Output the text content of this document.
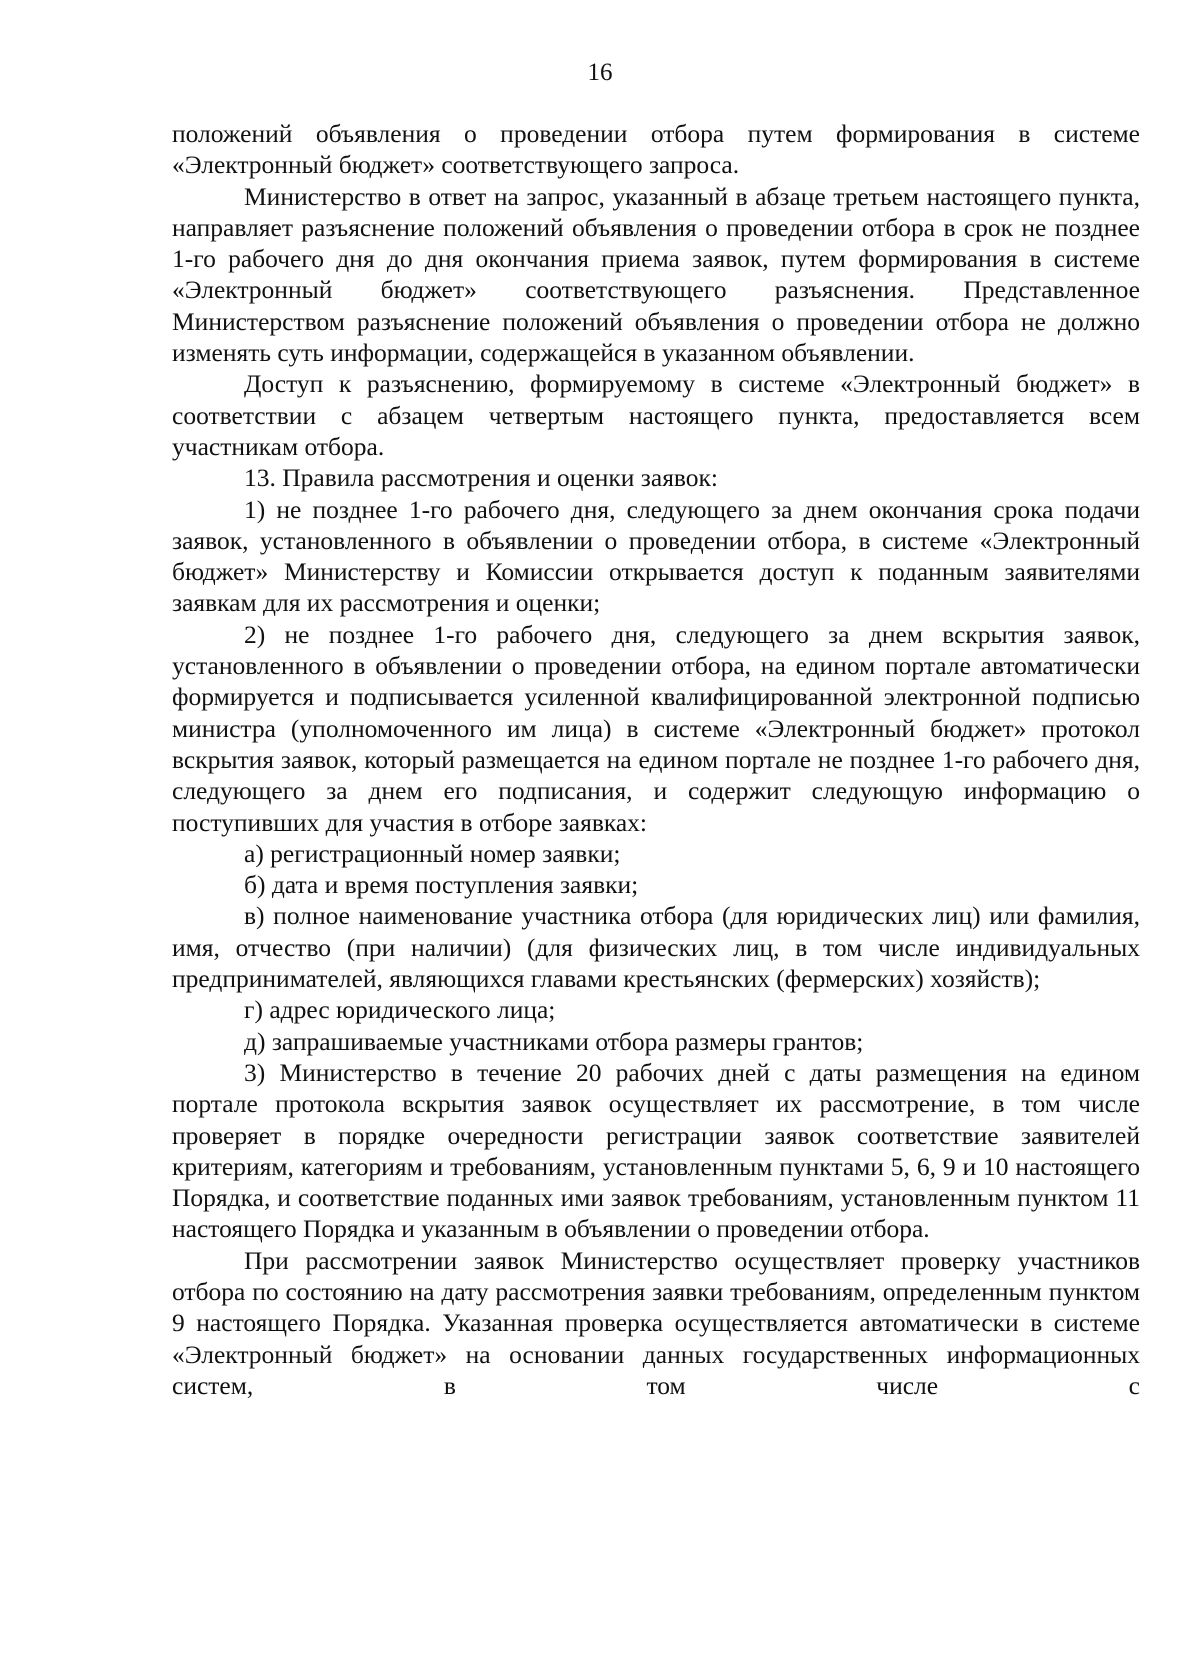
16

положений объявления о проведении отбора путем формирования в системе «Электронный бюджет» соответствующего запроса.

Министерство в ответ на запрос, указанный в абзаце третьем настоящего пункта, направляет разъяснение положений объявления о проведении отбора в срок не позднее 1-го рабочего дня до дня окончания приема заявок, путем формирования в системе «Электронный бюджет» соответствующего разъяснения. Представленное Министерством разъяснение положений объявления о проведении отбора не должно изменять суть информации, содержащейся в указанном объявлении.

Доступ к разъяснению, формируемому в системе «Электронный бюджет» в соответствии с абзацем четвертым настоящего пункта, предоставляется всем участникам отбора.

13. Правила рассмотрения и оценки заявок:

1) не позднее 1-го рабочего дня, следующего за днем окончания срока подачи заявок, установленного в объявлении о проведении отбора, в системе «Электронный бюджет» Министерству и Комиссии открывается доступ к поданным заявителями заявкам для их рассмотрения и оценки;

2) не позднее 1-го рабочего дня, следующего за днем вскрытия заявок, установленного в объявлении о проведении отбора, на едином портале автоматически формируется и подписывается усиленной квалифицированной электронной подписью министра (уполномоченного им лица) в системе «Электронный бюджет» протокол вскрытия заявок, который размещается на едином портале не позднее 1-го рабочего дня, следующего за днем его подписания, и содержит следующую информацию о поступивших для участия в отборе заявках:

а) регистрационный номер заявки;

б) дата и время поступления заявки;

в) полное наименование участника отбора (для юридических лиц) или фамилия, имя, отчество (при наличии) (для физических лиц, в том числе индивидуальных предпринимателей, являющихся главами крестьянских (фермерских) хозяйств);

г) адрес юридического лица;

д) запрашиваемые участниками отбора размеры грантов;

3) Министерство в течение 20 рабочих дней с даты размещения на едином портале протокола вскрытия заявок осуществляет их рассмотрение, в том числе проверяет в порядке очередности регистрации заявок соответствие заявителей критериям, категориям и требованиям, установленным пунктами 5, 6, 9 и 10 настоящего Порядка, и соответствие поданных ими заявок требованиям, установленным пунктом 11 настоящего Порядка и указанным в объявлении о проведении отбора.

При рассмотрении заявок Министерство осуществляет проверку участников отбора по состоянию на дату рассмотрения заявки требованиям, определенным пунктом 9 настоящего Порядка. Указанная проверка осуществляется автоматически в системе «Электронный бюджет» на основании данных государственных информационных систем, в том числе с
